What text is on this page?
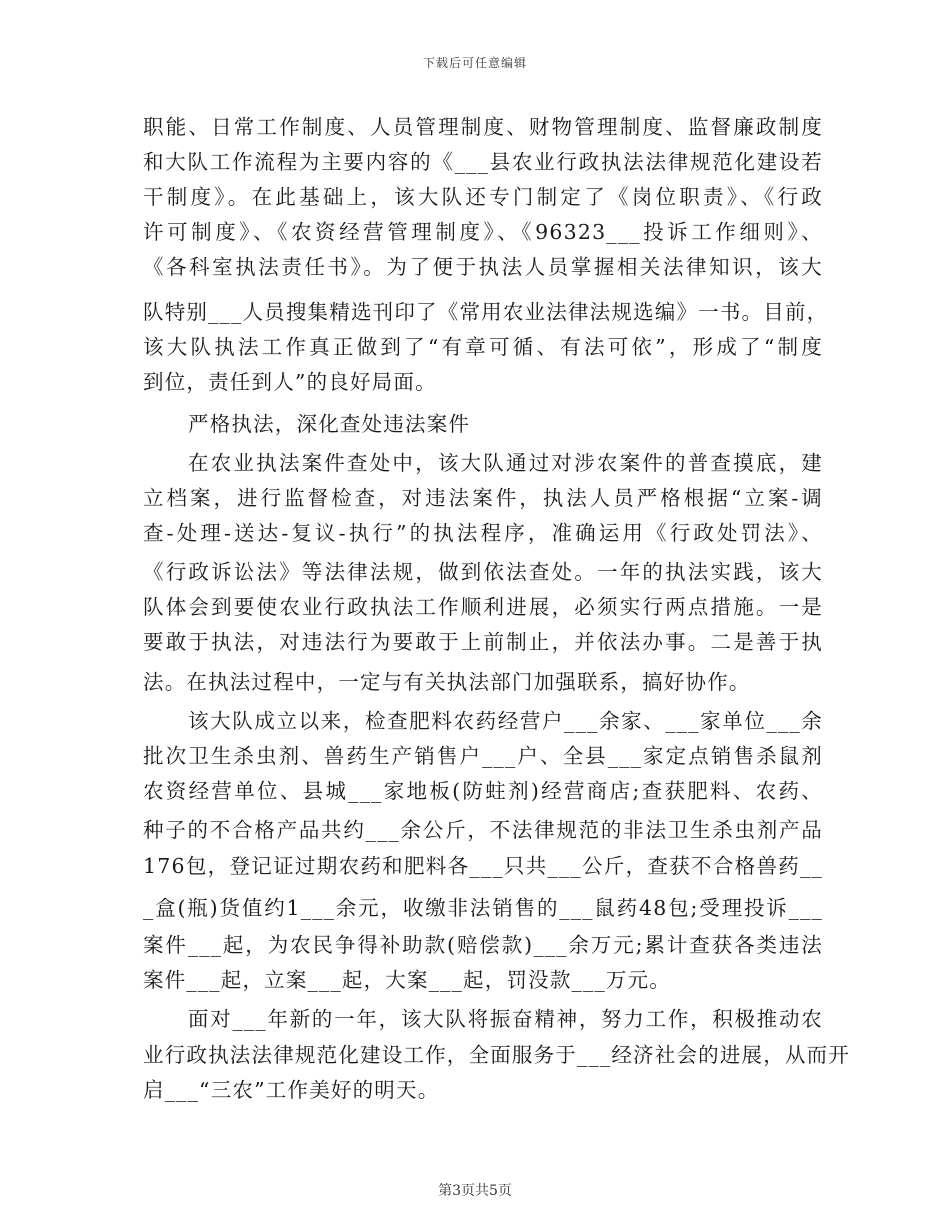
下载后可任意编辑
职能、日常工作制度、人员管理制度、财物管理制度、监督廉政制度
和大队工作流程为主要内容的《___县农业行政执法法律规范化建设若
干制度》。在此基础上，该大队还专门制定了《岗位职责》、《行政
许可制度》、《农资经营管理制度》、《96323___投诉工作细则》、
《各科室执法责任书》。为了便于执法人员掌握相关法律知识，该大
队特别___人员搜集精选刊印了《常用农业法律法规选编》一书。目前，
该大队执法工作真正做到了“有章可循、有法可依”，形成了“制度
到位，责任到人”的良好局面。
严格执法，深化查处违法案件
在农业执法案件查处中，该大队通过对涉农案件的普查摸底，建
立档案，进行监督检查，对违法案件，执法人员严格根据“立案-调
查-处理-送达-复议-执行”的执法程序，准确运用《行政处罚法》、
《行政诉讼法》等法律法规，做到依法查处。一年的执法实践，该大
队体会到要使农业行政执法工作顺利进展，必须实行两点措施。一是
要敢于执法，对违法行为要敢于上前制止，并依法办事。二是善于执
法。在执法过程中，一定与有关执法部门加强联系，搞好协作。
该大队成立以来，检查肥料农药经营户___余家、___家单位___余
批次卫生杀虫剂、兽药生产销售户___户、全县___家定点销售杀鼠剂
农资经营单位、县城___家地板(防蛀剂)经营商店;查获肥料、农药、
种子的不合格产品共约___余公斤，不法律规范的非法卫生杀虫剂产品
176包，登记证过期农药和肥料各___只共___公斤，查获不合格兽药__
_盒(瓶)货值约1___余元，收缴非法销售的___鼠药48包;受理投诉___
案件___起，为农民争得补助款(赔偿款)___余万元;累计查获各类违法
案件___起，立案___起，大案___起，罚没款___万元。
面对___年新的一年，该大队将振奋精神，努力工作，积极推动农
业行政执法法律规范化建设工作，全面服务于___经济社会的进展，从而开
启___“三农”工作美好的明天。
第3页共5页
